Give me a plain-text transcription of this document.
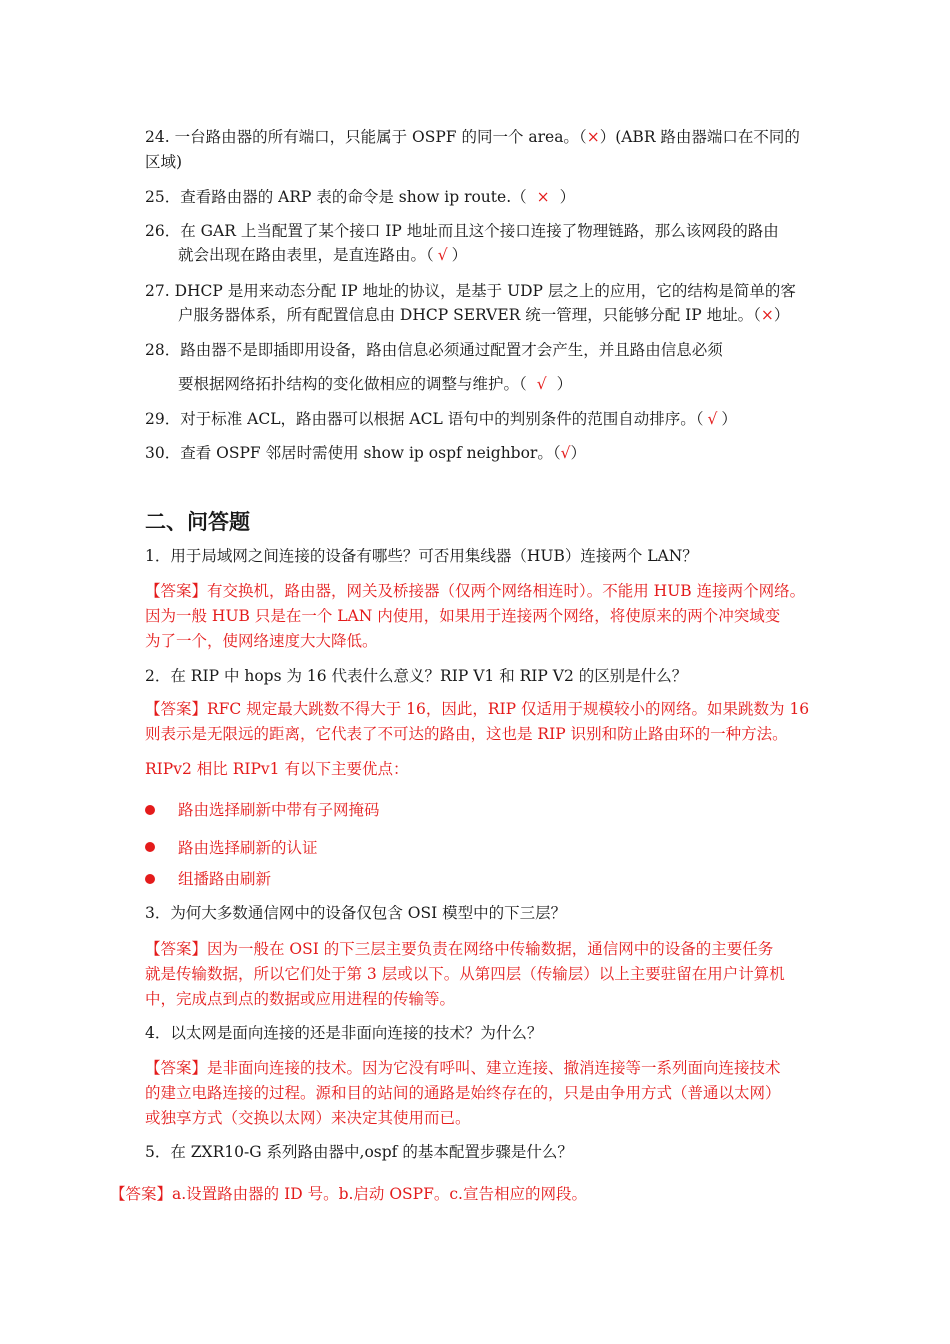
24. 一台路由器的所有端口，只能属于 OSPF 的同一个 area。（×）(ABR 路由器端口在不同的
区域)
25．查看路由器的 ARP 表的命令是 show ip route.（ × ）
26．在 GAR 上当配置了某个接口 IP 地址而且这个接口连接了物理链路，那么该网段的路由
就会出现在路由表里，是直连路由。（ √ ）
27. DHCP 是用来动态分配 IP 地址的协议，是基于 UDP 层之上的应用，它的结构是简单的客
户服务器体系，所有配置信息由 DHCP SERVER 统一管理，只能够分配 IP 地址。（×）
28．路由器不是即插即用设备，路由信息必须通过配置才会产生，并且路由信息必须
要根据网络拓扑结构的变化做相应的调整与维护。（ √ ）
29．对于标准 ACL，路由器可以根据 ACL 语句中的判别条件的范围自动排序。（ √ ）
30．查看 OSPF 邻居时需使用 show ip ospf neighbor。（√）
二、问答题
1．用于局域网之间连接的设备有哪些？可否用集线器（HUB）连接两个 LAN？
【答案】有交换机，路由器，网关及桥接器（仅两个网络相连时）。不能用 HUB 连接两个网络。
因为一般 HUB 只是在一个 LAN 内使用，如果用于连接两个网络，将使原来的两个冲突域变
为了一个，使网络速度大大降低。
2．在 RIP 中 hops 为 16 代表什么意义？RIP V1 和 RIP V2 的区别是什么？
【答案】RFC 规定最大跳数不得大于 16，因此，RIP 仅适用于规模较小的网络。如果跳数为 16
则表示是无限远的距离，它代表了不可达的路由，这也是 RIP 识别和防止路由环的一种方法。
RIPv2 相比 RIPv1 有以下主要优点：
路由选择刷新中带有子网掩码
路由选择刷新的认证
组播路由刷新
3．为何大多数通信网中的设备仅包含 OSI 模型中的下三层？
【答案】因为一般在 OSI 的下三层主要负责在网络中传输数据，通信网中的设备的主要任务
就是传输数据，所以它们处于第 3 层或以下。从第四层（传输层）以上主要驻留在用户计算机
中，完成点到点的数据或应用进程的传输等。
4．以太网是面向连接的还是非面向连接的技术？为什么？
【答案】是非面向连接的技术。因为它没有呼叫、建立连接、撤消连接等一系列面向连接技术
的建立电路连接的过程。源和目的站间的通路是始终存在的，只是由争用方式（普通以太网）
或独享方式（交换以太网）来决定其使用而已。
5．在 ZXR10-G 系列路由器中,ospf 的基本配置步骤是什么？
【答案】a.设置路由器的 ID 号。b.启动 OSPF。c.宣告相应的网段。
